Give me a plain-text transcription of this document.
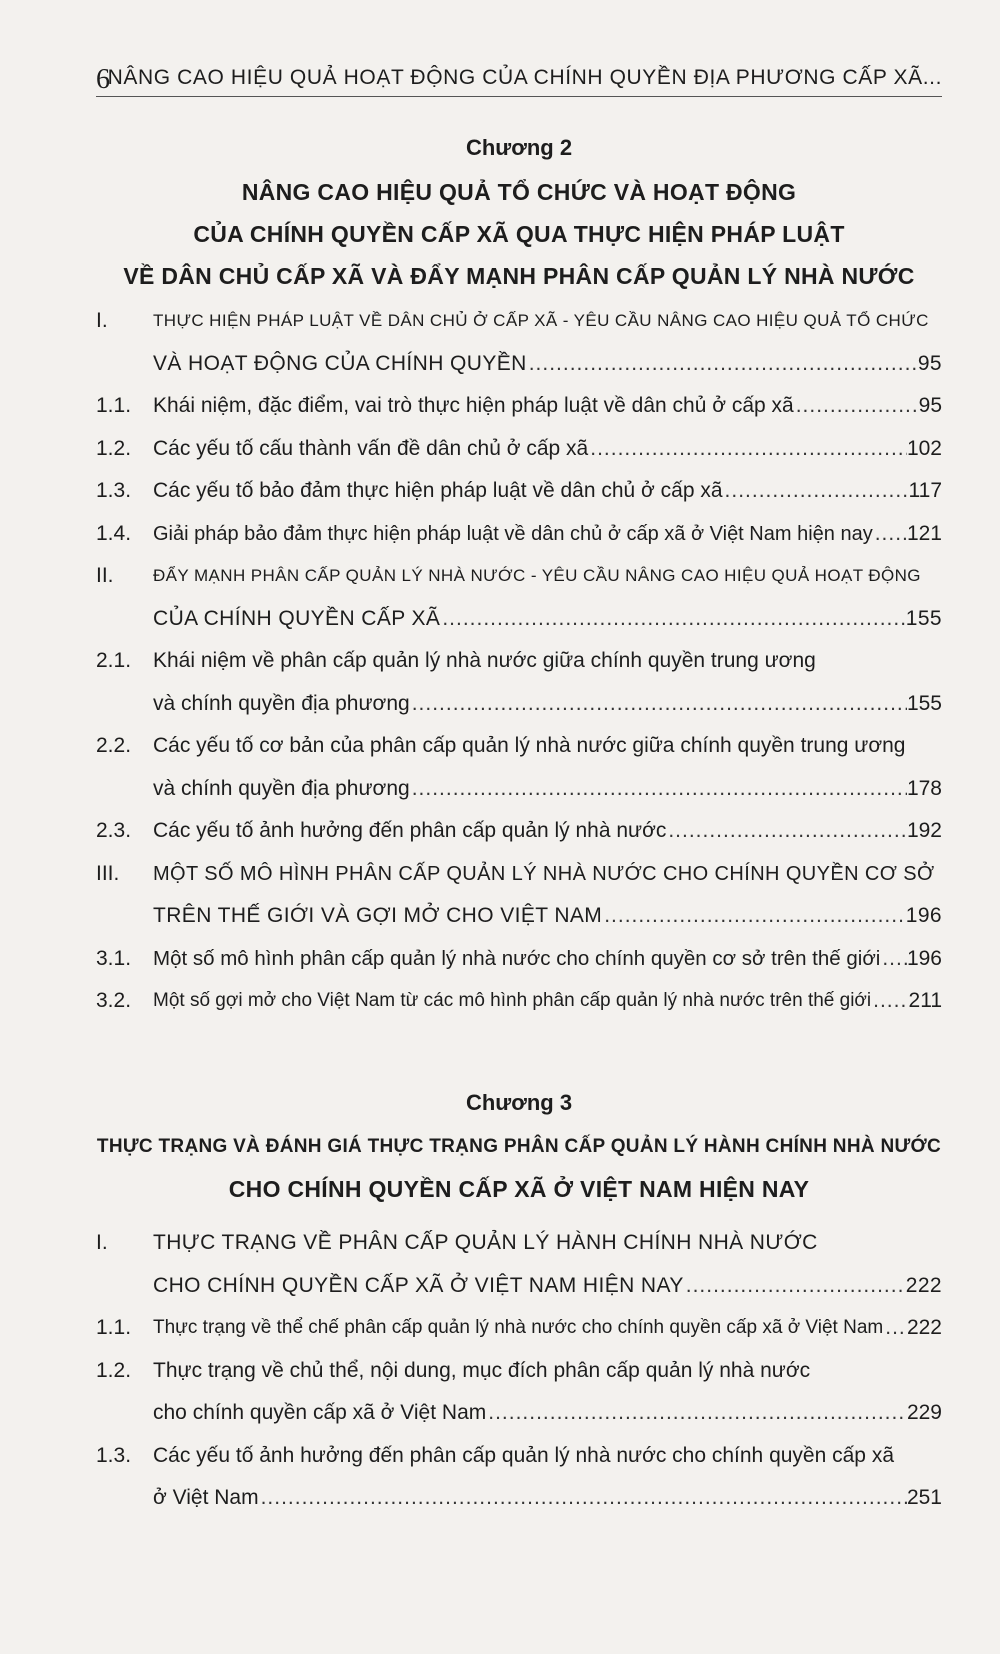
6
NÂNG CAO HIỆU QUẢ HOẠT ĐỘNG CỦA CHÍNH QUYỀN ĐỊA PHƯƠNG CẤP XÃ...
Chương 2
NÂNG CAO HIỆU QUẢ TỔ CHỨC VÀ HOẠT ĐỘNG
CỦA CHÍNH QUYỀN CẤP XÃ QUA THỰC HIỆN PHÁP LUẬT
VỀ DÂN CHỦ CẤP XÃ VÀ ĐẨY MẠNH PHÂN CẤP QUẢN LÝ NHÀ NƯỚC
I.	THỰC HIỆN PHÁP LUẬT VỀ DÂN CHỦ Ở CẤP XÃ - YÊU CẦU NÂNG CAO HIỆU QUẢ TỔ CHỨC
VÀ HOẠT ĐỘNG CỦA CHÍNH QUYỀN .....	95
1.1. Khái niệm, đặc điểm, vai trò thực hiện pháp luật về dân chủ ở cấp xã .....	95
1.2. Các yếu tố cấu thành vấn đề dân chủ ở cấp xã .....	102
1.3. Các yếu tố bảo đảm thực hiện pháp luật về dân chủ ở cấp xã .....	117
1.4. Giải pháp bảo đảm thực hiện pháp luật về dân chủ ở cấp xã ở Việt Nam hiện nay ..... 121
II. ĐẨY MẠNH PHÂN CẤP QUẢN LÝ NHÀ NƯỚC - YÊU CẦU NÂNG CAO HIỆU QUẢ HOẠT ĐỘNG
CỦA CHÍNH QUYỀN CẤP XÃ .....	155
2.1. Khái niệm về phân cấp quản lý nhà nước giữa chính quyền trung ương
và chính quyền địa phương .....	155
2.2. Các yếu tố cơ bản của phân cấp quản lý nhà nước giữa chính quyền trung ương
và chính quyền địa phương .....	178
2.3. Các yếu tố ảnh hưởng đến phân cấp quản lý nhà nước .....	192
III. MỘT SỐ MÔ HÌNH PHÂN CẤP QUẢN LÝ NHÀ NƯỚC CHO CHÍNH QUYỀN CƠ SỞ
TRÊN THẾ GIỚI VÀ GỢI MỞ CHO VIỆT NAM .....	196
3.1. Một số mô hình phân cấp quản lý nhà nước cho chính quyền cơ sở trên thế giới ..... 196
3.2. Một số gợi mở cho Việt Nam từ các mô hình phân cấp quản lý nhà nước trên thế giới ..... 211
Chương 3
THỰC TRẠNG VÀ ĐÁNH GIÁ THỰC TRẠNG PHÂN CẤP QUẢN LÝ HÀNH CHÍNH NHÀ NƯỚC
CHO CHÍNH QUYỀN CẤP XÃ Ở VIỆT NAM HIỆN NAY
I. THỰC TRẠNG VỀ PHÂN CẤP QUẢN LÝ HÀNH CHÍNH NHÀ NƯỚC
CHO CHÍNH QUYỀN CẤP XÃ Ở VIỆT NAM HIỆN NAY .....	222
1.1. Thực trạng về thể chế phân cấp quản lý nhà nước cho chính quyền cấp xã ở Việt Nam ..... 222
1.2. Thực trạng về chủ thể, nội dung, mục đích phân cấp quản lý nhà nước
cho chính quyền cấp xã ở Việt Nam .....	229
1.3. Các yếu tố ảnh hưởng đến phân cấp quản lý nhà nước cho chính quyền cấp xã
ở Việt Nam .....	251
